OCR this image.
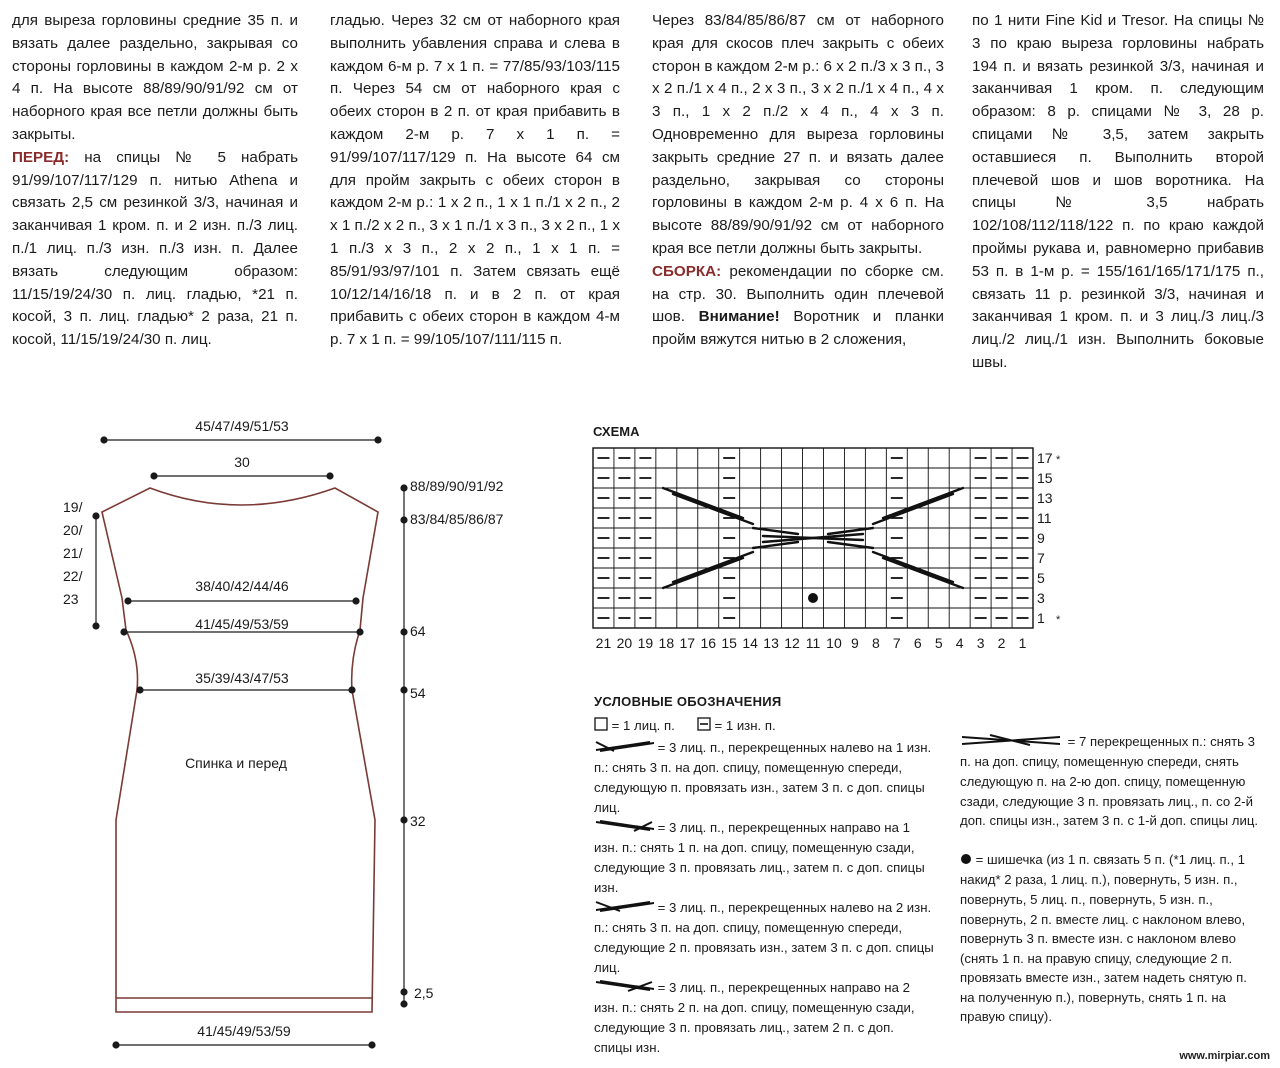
для выреза горловины средние 35 п. и вязать далее раздельно, закрывая со стороны горловины в каждом 2-м р. 2 х 4 п. На высоте 88/89/90/91/92 см от наборного края все петли должны быть закрыты.

ПЕРЕД: на спицы № 5 набрать 91/99/107/117/129 п. нитью Athena и связать 2,5 см резинкой 3/3, начиная и заканчивая 1 кром. п. и 2 изн. п./3 лиц. п./1 лиц. п./3 изн. п./3 изн. п. Далее вязать следующим образом: 11/15/19/24/30 п. лиц. гладью, *21 п. косой, 3 п. лиц. гладью* 2 раза, 21 п. косой, 11/15/19/24/30 п. лиц.

гладью. Через 32 см от наборного края выполнить убавления справа и слева в каждом 6-м р. 7 х 1 п. = 77/85/93/103/115 п. Через 54 см от наборного края с обеих сторон в 2 п. от края прибавить в каждом 2-м р. 7 х 1 п. = 91/99/107/117/129 п. На высоте 64 см для пройм закрыть с обеих сторон в каждом 2-м р.: 1 х 2 п., 1 х 1 п./1 х 2 п., 2 х 1 п./2 х 2 п., 3 х 1 п./1 х 3 п., 3 х 2 п., 1 х 1 п./3 х 3 п., 2 х 2 п., 1 х 1 п. = 85/91/93/97/101 п. Затем связать ещё 10/12/14/16/18 п. и в 2 п. от края прибавить с обеих сторон в каждом 4-м р. 7 х 1 п. = 99/105/107/111/115 п.

Через 83/84/85/86/87 см от наборного края для скосов плеч закрыть с обеих сторон в каждом 2-м р.: 6 х 2 п./3 х 3 п., 3 х 2 п./1 х 4 п., 2 х 3 п., 3 х 2 п./1 х 4 п., 4 х 3 п., 1 х 2 п./2 х 4 п., 4 х 3 п. Одновременно для выреза горловины закрыть средние 27 п. и вязать далее раздельно, закрывая со стороны горловины в каждом 2-м р. 4 х 6 п. На высоте 88/89/90/91/92 см от наборного края все петли должны быть закрыты.

СБОРКА: рекомендации по сборке см. на стр. 30. Выполнить один плечевой шов. Внимание! Воротник и планки пройм вяжутся нитью в 2 сложения,

по 1 нити Fine Kid и Tresor. На спицы № 3 по краю выреза горловины набрать 194 п. и вязать резинкой 3/3, начиная и заканчивая 1 кром. п. следующим образом: 8 р. спицами № 3, 28 р. спицами № 3,5, затем закрыть оставшиеся п. Выполнить второй плечевой шов и шов воротника. На спицы № 3,5 набрать 102/108/112/118/122 п. по краю каждой проймы рукава и, равномерно прибавив 53 п. в 1-м р. = 155/161/165/171/175 п., связать 11 р. резинкой 3/3, начиная и заканчивая 1 кром. п. и 3 лиц./3 лиц./3 лиц./2 лиц./1 изн. Выполнить боковые швы.

45/47/49/51/53
30
88/89/90/91/92
83/84/85/86/87
19/
20/
21/
22/
23
38/40/42/44/46
41/45/49/53/59	64
35/39/43/47/53
54
Спинка и перед
32
2,5
41/45/49/53/59
СХЕМА
21 20 19 18 17 16 15 14 13 12 11 10 9 8 7 6 5 4 3 2 1
17
15
13
11
9
7
5
3
1
*
*
УСЛОВНЫЕ ОБОЗНАЧЕНИЯ
= 1 лиц. п.	= 1 изн. п.
= 3 лиц. п., перекрещенных налево на 1 изн. п.: снять 3 п. на доп. спицу, помещенную спереди, следующую п. провязать изн., затем 3 п. с доп. спицы лиц.
= 3 лиц. п., перекрещенных направо на 1 изн. п.: снять 1 п. на доп. спицу, помещенную сзади, следующие 3 п. провязать лиц., затем п. с доп. спицы изн.
= 3 лиц. п., перекрещенных налево на 2 изн. п.: снять 3 п. на доп. спицу, помещенную спереди, следующие 2 п. провязать изн., затем 3 п. с доп. спицы лиц.
= 3 лиц. п., перекрещенных направо на 2 изн. п.: снять 2 п. на доп. спицу, помещенную сзади, следующие 3 п. провязать лиц., затем 2 п. с доп. спицы изн.
= 7 перекрещенных п.: снять 3 п. на доп. спицу, помещенную спереди, снять следующую п. на 2-ю доп. спицу, помещенную сзади, следующие 3 п. провязать лиц., п. со 2-й доп. спицы изн., затем 3 п. с 1-й доп. спицы лиц.
= шишечка (из 1 п. связать 5 п. (*1 лиц. п., 1 накид* 2 раза, 1 лиц. п.), повернуть, 5 изн. п., повернуть, 5 лиц. п., повернуть, 5 изн. п., повернуть, 2 п. вместе лиц. с наклоном влево, повернуть 3 п. вместе изн. с наклоном влево (снять 1 п. на правую спицу, следующие 2 п. провязать вместе изн., затем надеть снятую п. на полученную п.), повернуть, снять 1 п. на правую спицу).
www.mirpiar.com
